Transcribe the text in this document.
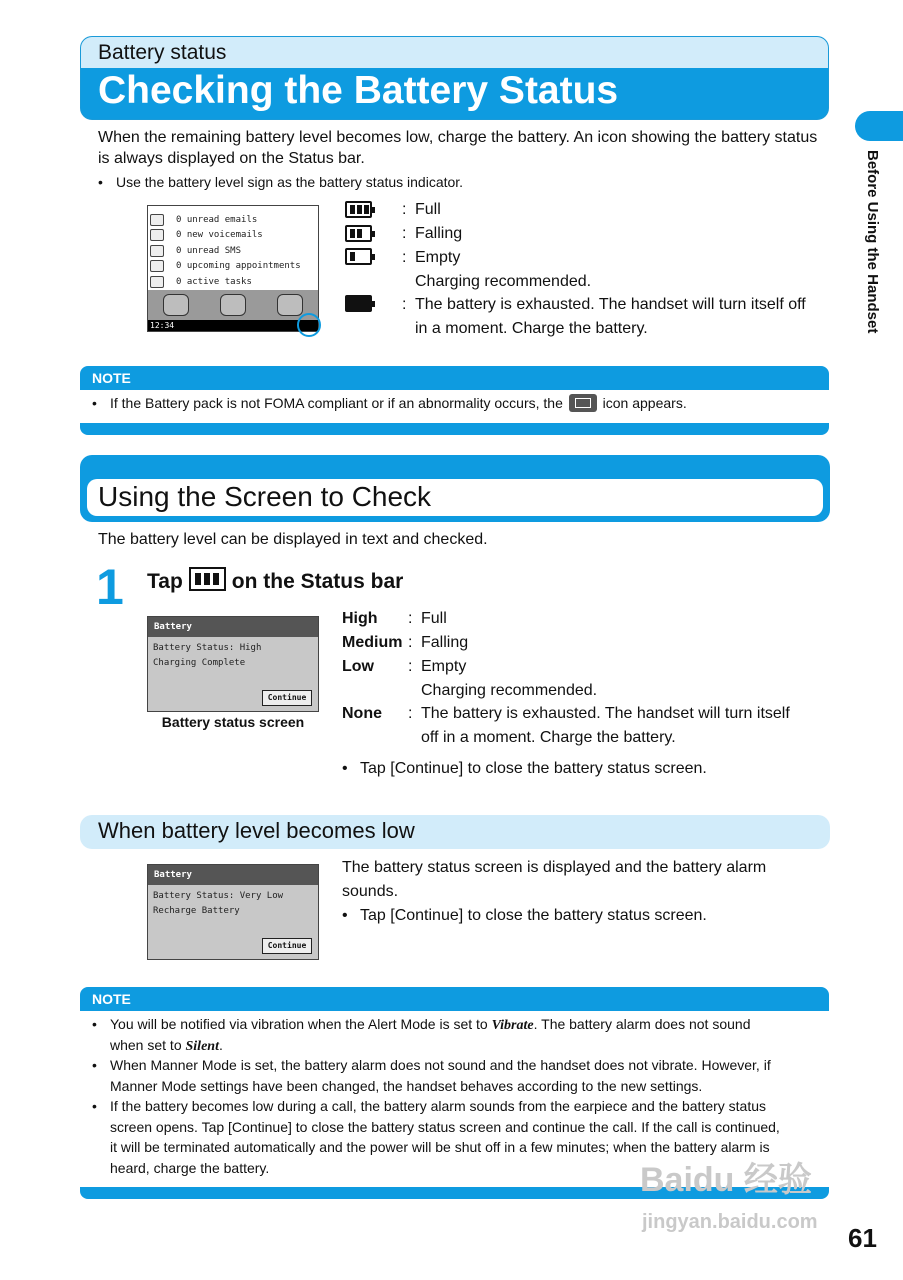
Battery status
Checking the Battery Status
Before Using the Handset
When the remaining battery level becomes low, charge the battery. An icon showing the battery status is always displayed on the Status bar.
• Use the battery level sign as the battery status indicator.
0 unread emails
0 new voicemails
0 unread SMS
0 upcoming appointments
0 active tasks
12:34
: Full
: Falling
: Empty
Charging recommended.
: The battery is exhausted. The handset will turn itself off
in a moment. Charge the battery.
NOTE
• If the Battery pack is not FOMA compliant or if an abnormality occurs, the	icon appears.
Using the Screen to Check
The battery level can be displayed in text and checked.
1 Tap on the Status bar
Battery
Battery Status: High
Charging Complete
Continue
Battery status screen
High : Full
Medium : Falling
Low : Empty
Charging recommended.
None : The battery is exhausted. The handset will turn itself
off in a moment. Charge the battery.
• Tap [Continue] to close the battery status screen.
When battery level becomes low
Battery
Battery Status: Very Low
Recharge Battery
Continue
The battery status screen is displayed and the battery alarm
sounds.
• Tap [Continue] to close the battery status screen.
NOTE
• You will be notified via vibration when the Alert Mode is set to Vibrate. The battery alarm does not sound
when set to Silent.
• When Manner Mode is set, the battery alarm does not sound and the handset does not vibrate. However, if
Manner Mode settings have been changed, the handset behaves according to the new settings.
• If the battery becomes low during a call, the battery alarm sounds from the earpiece and the battery status
screen opens. Tap [Continue] to close the battery status screen and continue the call. If the call is continued,
it will be terminated automatically and the power will be shut off in a few minutes; when the battery alarm is
heard, charge the battery.	Baidu 经验
jingyan.baidu.com
61
